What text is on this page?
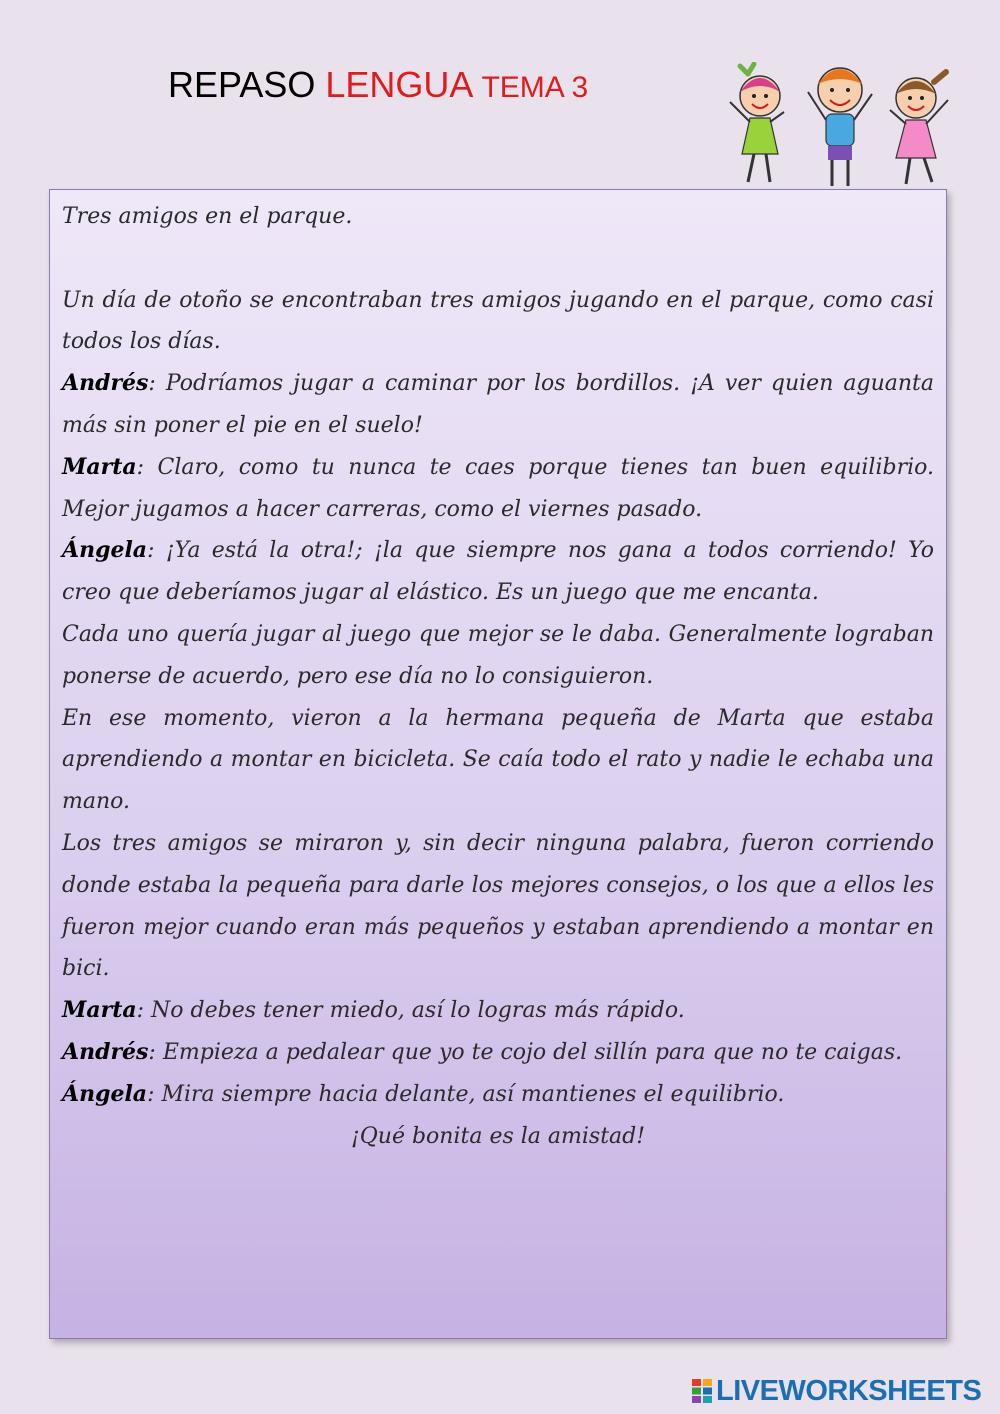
REPASO LENGUA TEMA 3

Tres amigos en el parque.

Un día de otoño se encontraban tres amigos jugando en el parque, como casi todos los días.

Andrés: Podríamos jugar a caminar por los bordillos. ¡A ver quien aguanta más sin poner el pie en el suelo!

Marta: Claro, como tu nunca te caes porque tienes tan buen equilibrio. Mejor jugamos a hacer carreras, como el viernes pasado.

Ángela: ¡Ya está la otra!; ¡la que siempre nos gana a todos corriendo! Yo creo que deberíamos jugar al elástico. Es un juego que me encanta.

Cada uno quería jugar al juego que mejor se le daba. Generalmente lograban ponerse de acuerdo, pero ese día no lo consiguieron.

En ese momento, vieron a la hermana pequeña de Marta que estaba aprendiendo a montar en bicicleta. Se caía todo el rato y nadie le echaba una mano.

Los tres amigos se miraron y, sin decir ninguna palabra, fueron corriendo donde estaba la pequeña para darle los mejores consejos, o los que a ellos les fueron mejor cuando eran más pequeños y estaban aprendiendo a montar en bici.

Marta: No debes tener miedo, así lo logras más rápido.

Andrés: Empieza a pedalear que yo te cojo del sillín para que no te caigas.

Ángela: Mira siempre hacia delante, así mantienes el equilibrio.

¡Qué bonita es la amistad!

LIVEWORKSHEETS
